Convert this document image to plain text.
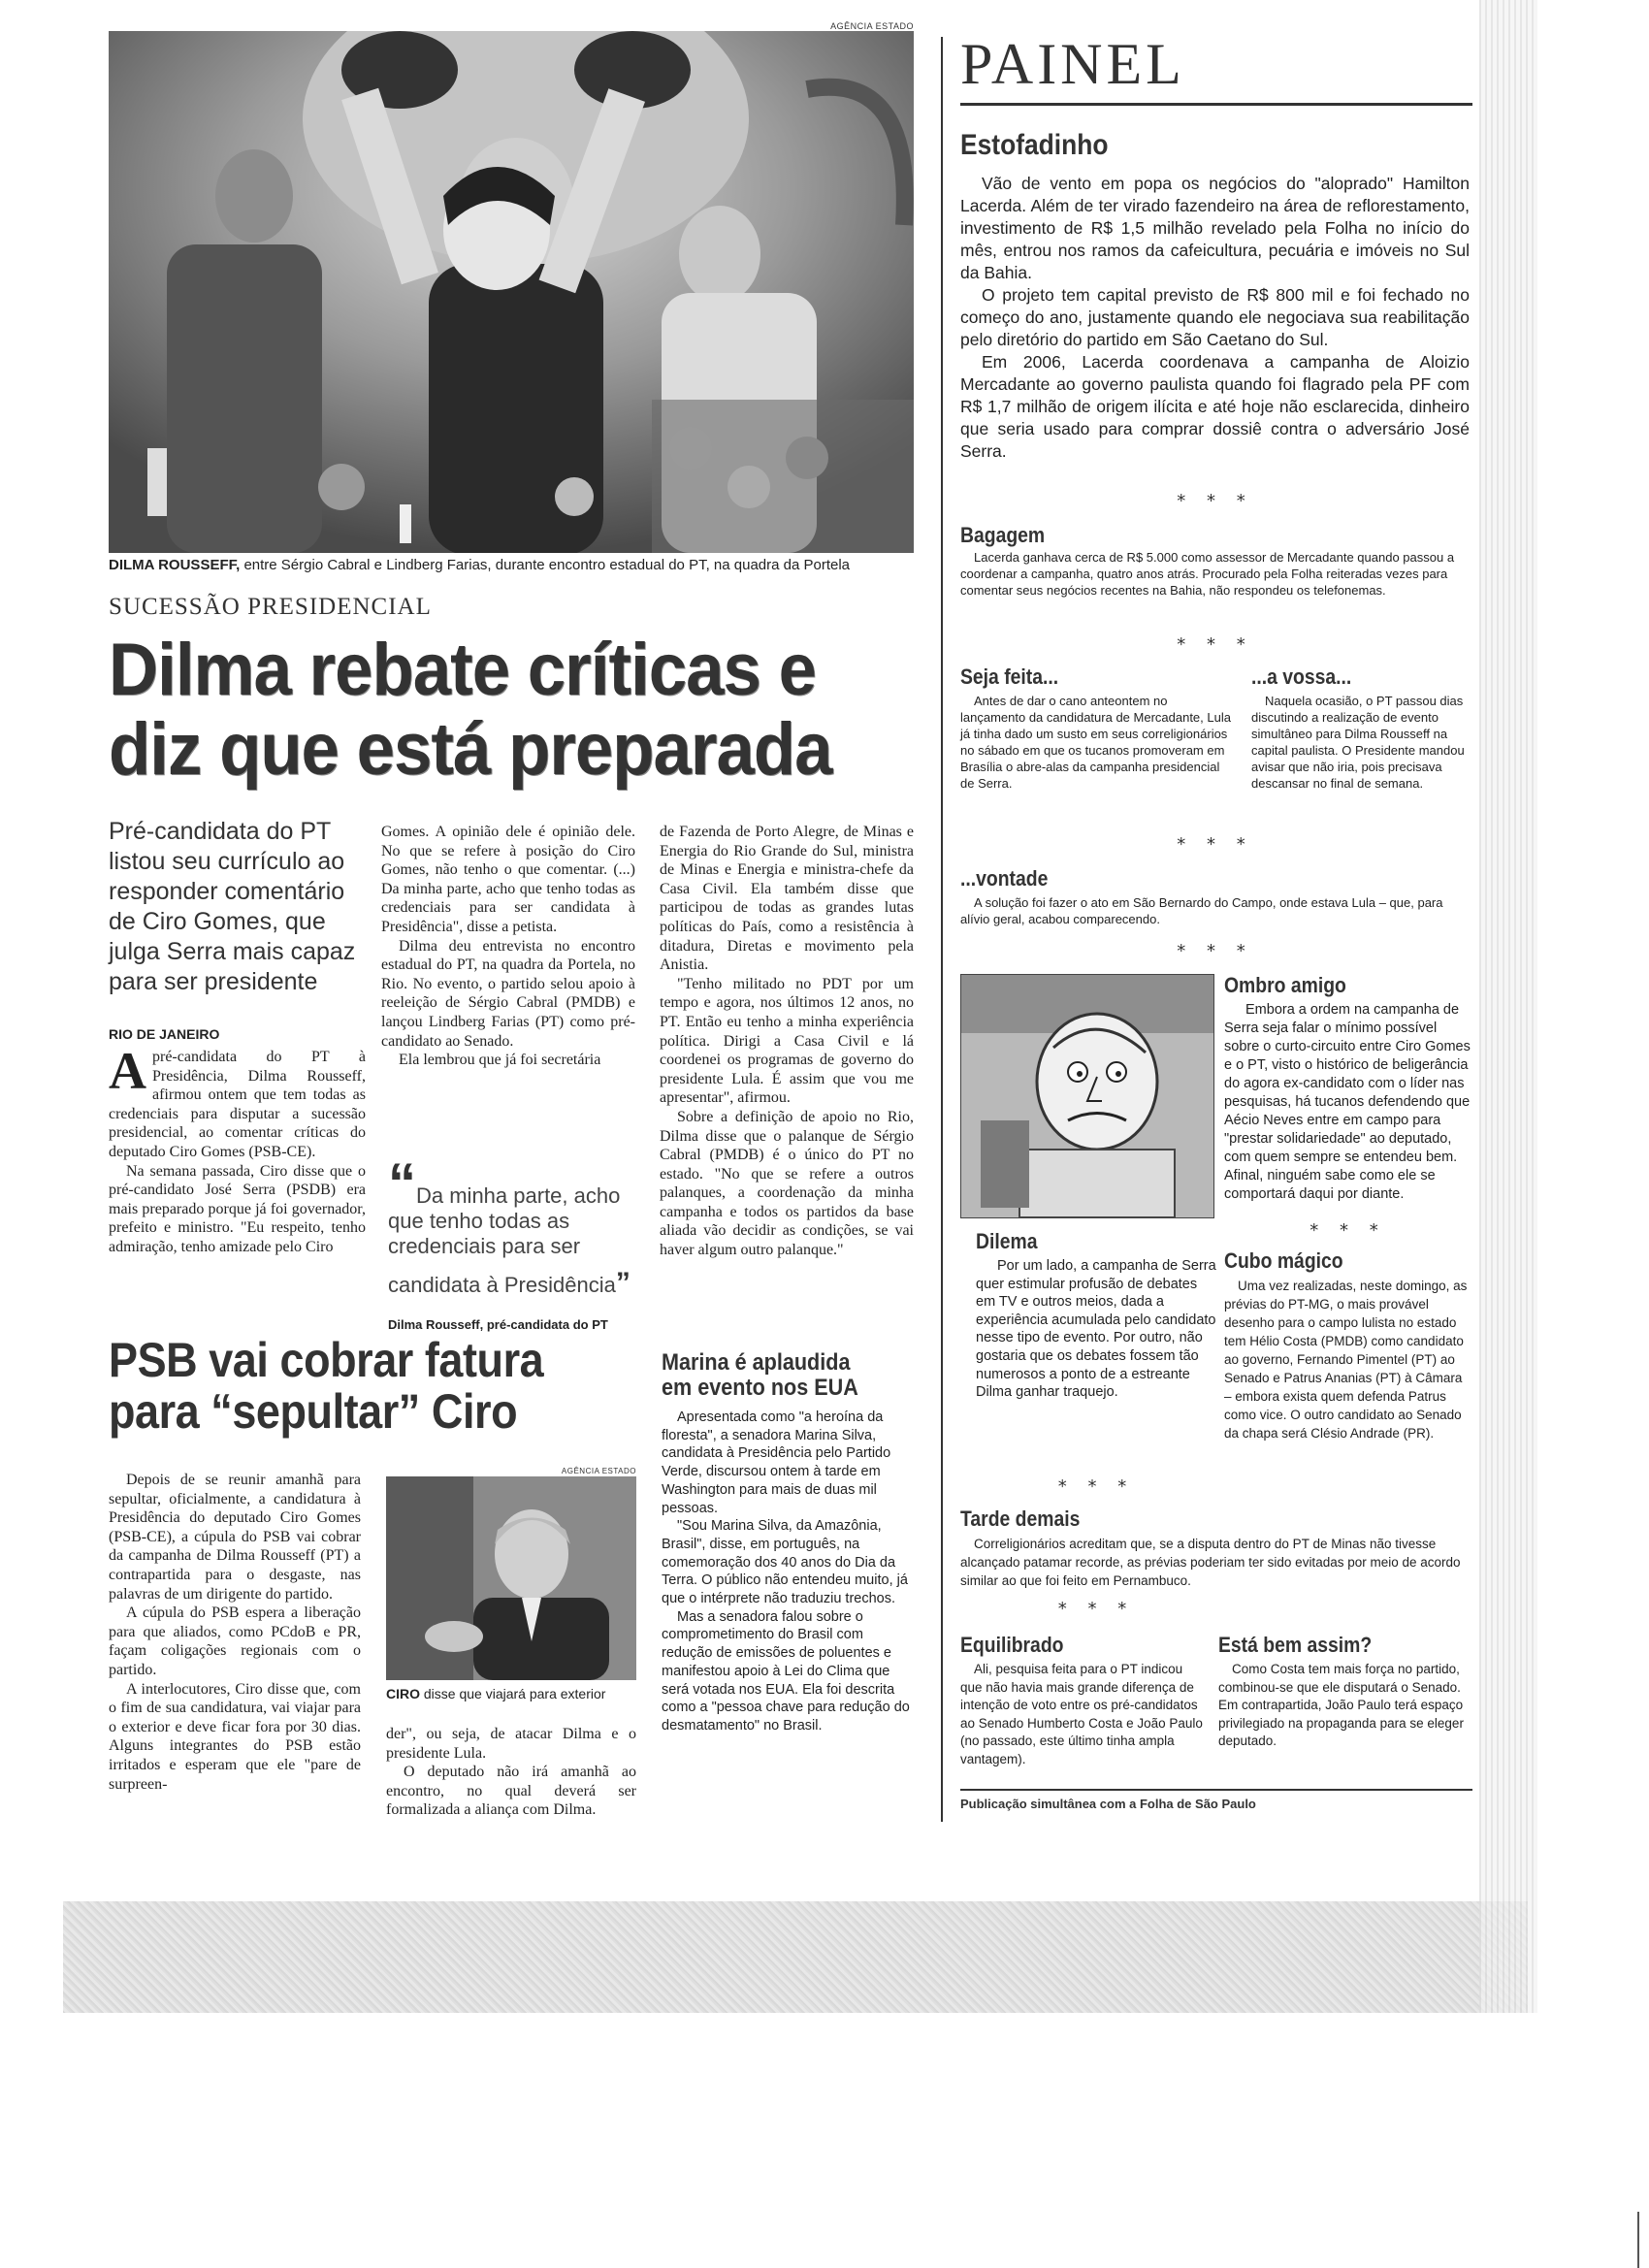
AGÊNCIA ESTADO
DILMA ROUSSEFF, entre Sérgio Cabral e Lindberg Farias, durante encontro estadual do PT, na quadra da Portela
SUCESSÃO PRESIDENCIAL
Dilma rebate críticas e
diz que está preparada
Pré-candidata do PT listou seu currículo ao responder comentário de Ciro Gomes, que julga Serra mais capaz para ser presidente
RIO DE JANEIRO

Apré-candidata do PT à Presidência, Dilma Rousseff, afirmou ontem que tem todas as credenciais para disputar a sucessão presidencial, ao comentar críticas do deputado Ciro Gomes (PSB-CE).

Na semana passada, Ciro disse que o pré-candidato José Serra (PSDB) era mais preparado porque já foi governador, prefeito e ministro. "Eu respeito, tenho admiração, tenho amizade pelo Ciro

Gomes. A opinião dele é opinião dele. No que se refere à posição do Ciro Gomes, não tenho o que comentar. (...) Da minha parte, acho que tenho todas as credenciais para ser candidata à Presidência", disse a petista.

Dilma deu entrevista no encontro estadual do PT, na quadra da Portela, no Rio. No evento, o partido selou apoio à reeleição de Sérgio Cabral (PMDB) e lançou Lindberg Farias (PT) como pré-candidato ao Senado.

Ela lembrou que já foi secretária

“Da minha parte, acho que tenho todas as credenciais para ser candidata à Presidência”
Dilma Rousseff, pré-candidata do PT

de Fazenda de Porto Alegre, de Minas e Energia do Rio Grande do Sul, ministra de Minas e Energia e ministra-chefe da Casa Civil. Ela também disse que participou de todas as grandes lutas políticas do País, como a resistência à ditadura, Diretas e movimento pela Anistia.

"Tenho militado no PDT por um tempo e agora, nos últimos 12 anos, no PT. Então eu tenho a minha experiência política. Dirigi a Casa Civil e lá coordenei os programas de governo do presidente Lula. É assim que vou me apresentar", afirmou.

Sobre a definição de apoio no Rio, Dilma disse que o palanque de Sérgio Cabral (PMDB) é o único do PT no estado. "No que se refere a outros palanques, a coordenação da minha campanha e todos os partidos da base aliada vão decidir as condições, se vai haver algum outro palanque."

PSB vai cobrar fatura
para “sepultar” Ciro

Depois de se reunir amanhã para sepultar, oficialmente, a candidatura à Presidência do deputado Ciro Gomes (PSB-CE), a cúpula do PSB vai cobrar da campanha de Dilma Rousseff (PT) a contrapartida para o desgaste, nas palavras de um dirigente do partido.

A cúpula do PSB espera a liberação para que aliados, como PCdoB e PR, façam coligações regionais com o partido.

A interlocutores, Ciro disse que, com o fim de sua candidatura, vai viajar para o exterior e deve ficar fora por 30 dias. Alguns integrantes do PSB estão irritados e esperam que ele "pare de surpreen-

AGÊNCIA ESTADO
CIRO disse que viajará para exterior

der", ou seja, de atacar Dilma e o presidente Lula.

O deputado não irá amanhã ao encontro, no qual deverá ser formalizada a aliança com Dilma.

Marina é aplaudida
em evento nos EUA

Apresentada como "a heroína da floresta", a senadora Marina Silva, candidata à Presidência pelo Partido Verde, discursou ontem à tarde em Washington para mais de duas mil pessoas.

"Sou Marina Silva, da Amazônia, Brasil", disse, em português, na comemoração dos 40 anos do Dia da Terra. O público não entendeu muito, já que o intérprete não traduziu trechos.

Mas a senadora falou sobre o comprometimento do Brasil com redução de emissões de poluentes e manifestou apoio à Lei do Clima que será votada nos EUA. Ela foi descrita como a "pessoa chave para redução do desmatamento" no Brasil.

PAINEL
Estofadinho

Vão de vento em popa os negócios do "aloprado" Hamilton Lacerda. Além de ter virado fazendeiro na área de reflorestamento, investimento de R$ 1,5 milhão revelado pela Folha no início do mês, entrou nos ramos da cafeicultura, pecuária e imóveis no Sul da Bahia.

O projeto tem capital previsto de R$ 800 mil e foi fechado no começo do ano, justamente quando ele negociava sua reabilitação pelo diretório do partido em São Caetano do Sul.

Em 2006, Lacerda coordenava a campanha de Aloizio Mercadante ao governo paulista quando foi flagrado pela PF com R$ 1,7 milhão de origem ilícita e até hoje não esclarecida, dinheiro que seria usado para comprar dossiê contra o adversário José Serra.

* * *
Bagagem

Lacerda ganhava cerca de R$ 5.000 como assessor de Mercadante quando passou a coordenar a campanha, quatro anos atrás. Procurado pela Folha reiteradas vezes para comentar seus negócios recentes na Bahia, não respondeu os telefonemas.

* * *
Seja feita...

Antes de dar o cano anteontem no lançamento da candidatura de Mercadante, Lula já tinha dado um susto em seus correligionários no sábado em que os tucanos promoveram em Brasília o abre-alas da campanha presidencial de Serra.

...a vossa...

Naquela ocasião, o PT passou dias discutindo a realização de evento simultâneo para Dilma Rousseff na capital paulista. O Presidente mandou avisar que não iria, pois precisava descansar no final de semana.

* * *
...vontade

A solução foi fazer o ato em São Bernardo do Campo, onde estava Lula – que, para alívio geral, acabou comparecendo.

* * *
Ombro amigo

Embora a ordem na campanha de Serra seja falar o mínimo possível sobre o curto-circuito entre Ciro Gomes e o PT, visto o histórico de beligerância do agora ex-candidato com o líder nas pesquisas, há tucanos defendendo que Aécio Neves entre em campo para "prestar solidariedade" ao deputado, com quem sempre se entendeu bem. Afinal, ninguém sabe como ele se comportará daqui por diante.

* * *
Dilema

Por um lado, a campanha de Serra quer estimular profusão de debates em TV e outros meios, dada a experiência acumulada pelo candidato nesse tipo de evento. Por outro, não gostaria que os debates fossem tão numerosos a ponto de a estreante Dilma ganhar traquejo.

Cubo mágico

Uma vez realizadas, neste domingo, as prévias do PT-MG, o mais provável desenho para o campo lulista no estado tem Hélio Costa (PMDB) como candidato ao governo, Fernando Pimentel (PT) ao Senado e Patrus Ananias (PT) à Câmara – embora exista quem defenda Patrus como vice. O outro candidato ao Senado da chapa será Clésio Andrade (PR).

* * *
Tarde demais

Correligionários acreditam que, se a disputa dentro do PT de Minas não tivesse alcançado patamar recorde, as prévias poderiam ter sido evitadas por meio de acordo similar ao que foi feito em Pernambuco.

* * *
Equilibrado

Ali, pesquisa feita para o PT indicou que não havia mais grande diferença de intenção de voto entre os pré-candidatos ao Senado Humberto Costa e João Paulo (no passado, este último tinha ampla vantagem).

Está bem assim?

Como Costa tem mais força no partido, combinou-se que ele disputará o Senado. Em contrapartida, João Paulo terá espaço privilegiado na propaganda para se eleger deputado.

Publicação simultânea com a Folha de São Paulo
